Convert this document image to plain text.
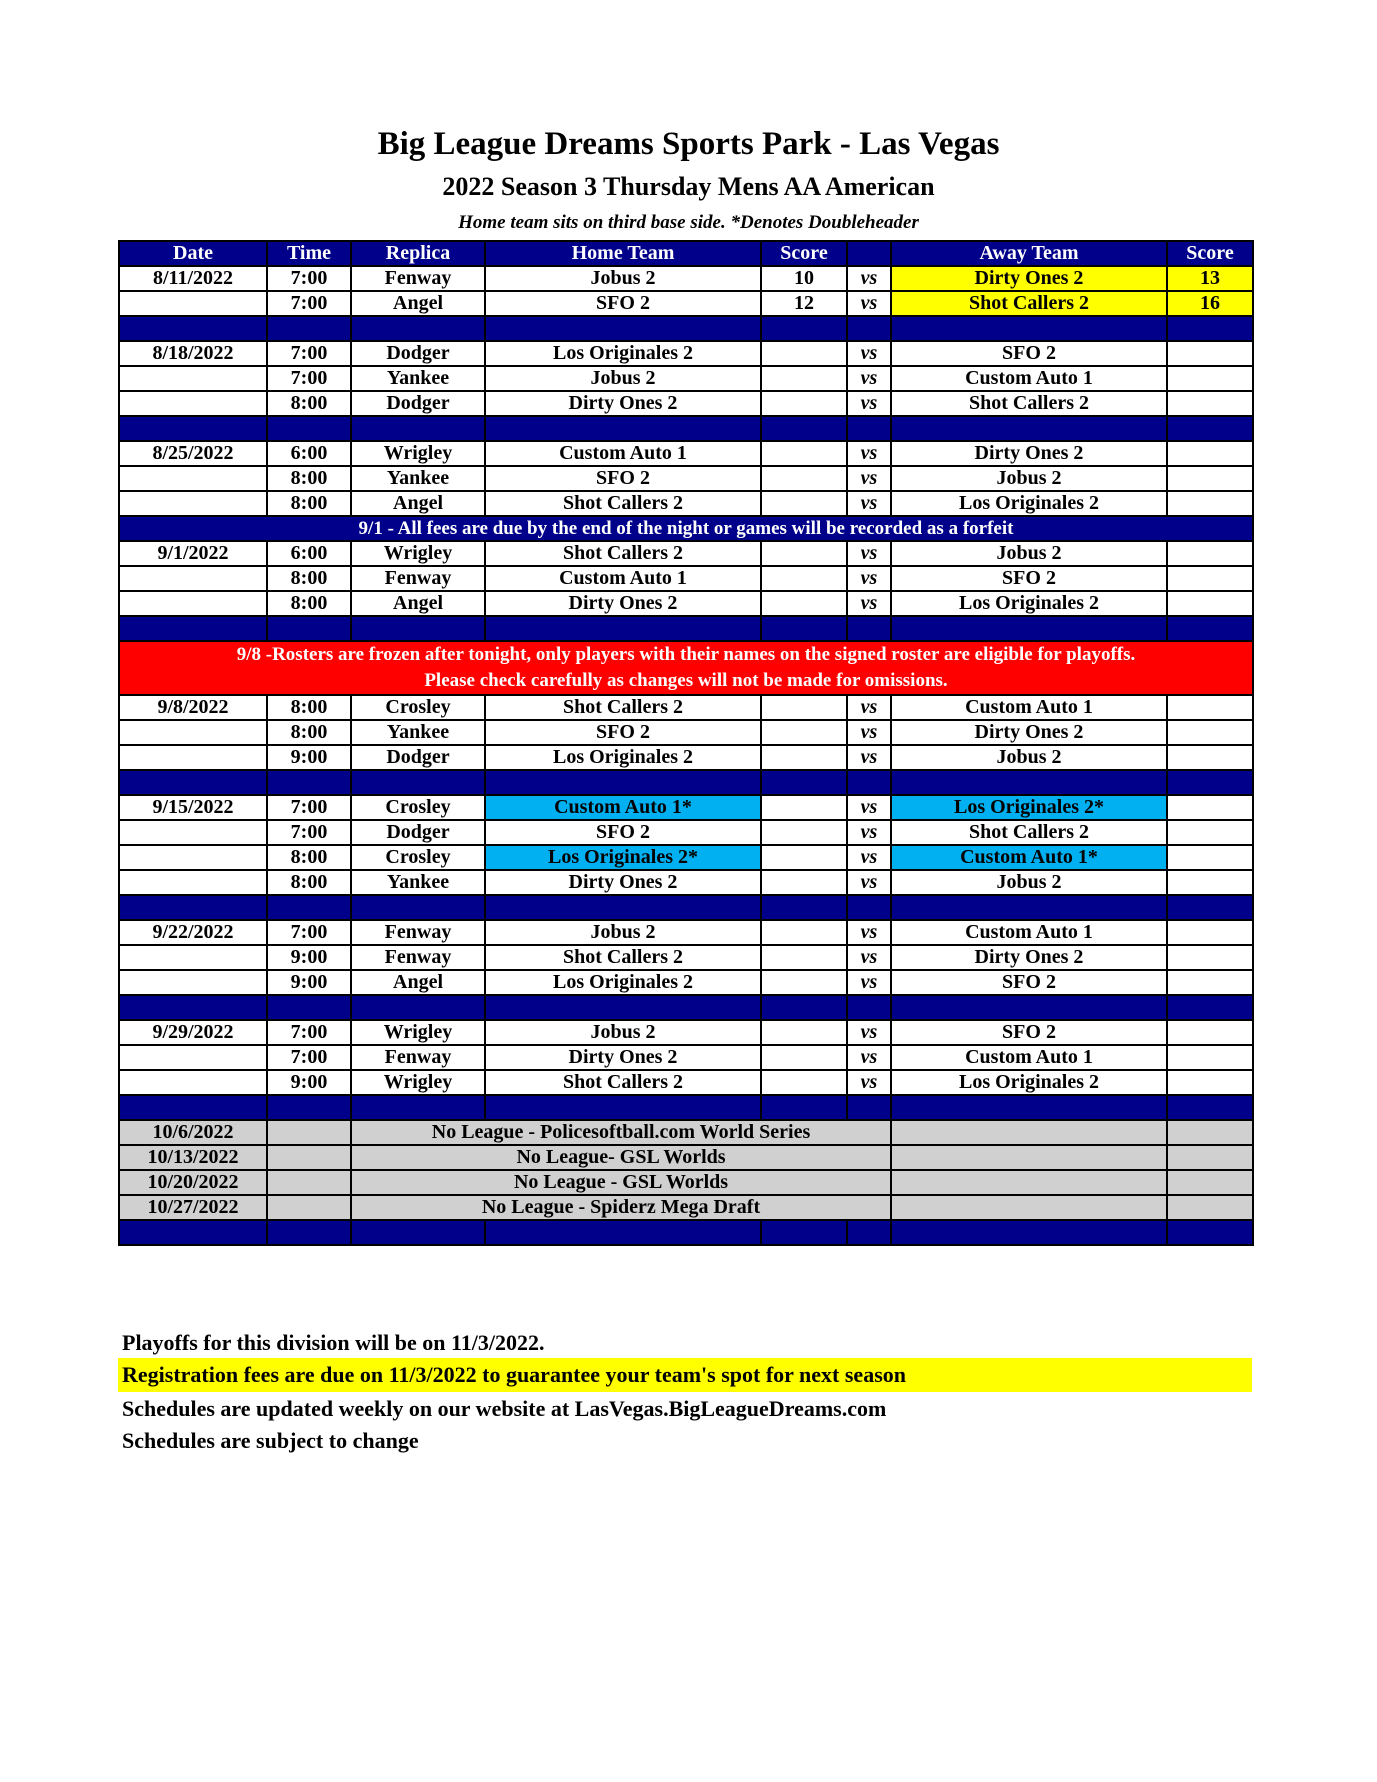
Big League Dreams Sports Park - Las Vegas
2022 Season 3 Thursday Mens AA American
Home team sits on third base side. *Denotes Doubleheader
Date	Time	Replica	Home Team	Score		Away Team	Score
8/11/2022	7:00	Fenway	Jobus 2	10	vs	Dirty Ones 2	13
	7:00	Angel	SFO 2	12	vs	Shot Callers 2	16

8/18/2022	7:00	Dodger	Los Originales 2		vs	SFO 2	
	7:00	Yankee	Jobus 2		vs	Custom Auto 1	
	8:00	Dodger	Dirty Ones 2		vs	Shot Callers 2	

8/25/2022	6:00	Wrigley	Custom Auto 1		vs	Dirty Ones 2	
	8:00	Yankee	SFO 2		vs	Jobus 2	
	8:00	Angel	Shot Callers 2		vs	Los Originales 2	
9/1 - All fees are due by the end of the night or games will be recorded as a forfeit							
9/1/2022	6:00	Wrigley	Shot Callers 2		vs	Jobus 2	
	8:00	Fenway	Custom Auto 1		vs	SFO 2	
	8:00	Angel	Dirty Ones 2		vs	Los Originales 2	

9/8 -Rosters are frozen after tonight, only players with their names on the signed roster are eligible for playoffs.
Please check carefully as changes will not be made for omissions.							

9/8/2022	8:00	Crosley	Shot Callers 2		vs	Custom Auto 1	
	8:00	Yankee	SFO 2		vs	Dirty Ones 2	
	9:00	Dodger	Los Originales 2		vs	Jobus 2	

9/15/2022	7:00	Crosley	Custom Auto 1*		vs	Los Originales 2*	
	7:00	Dodger	SFO 2		vs	Shot Callers 2	
	8:00	Crosley	Los Originales 2*		vs	Custom Auto 1*	
	8:00	Yankee	Dirty Ones 2		vs	Jobus 2	

9/22/2022	7:00	Fenway	Jobus 2		vs	Custom Auto 1	
	9:00	Fenway	Shot Callers 2		vs	Dirty Ones 2	
	9:00	Angel	Los Originales 2		vs	SFO 2	

9/29/2022	7:00	Wrigley	Jobus 2		vs	SFO 2	
	7:00	Fenway	Dirty Ones 2		vs	Custom Auto 1	
	9:00	Wrigley	Shot Callers 2		vs	Los Originales 2	

10/6/2022		No League - Policesoftball.com World Series					
10/13/2022		No League- GSL Worlds					
10/20/2022		No League - GSL Worlds					
10/27/2022		No League - Spiderz Mega Draft					

Playoffs for this division will be on 11/3/2022.
Registration fees are due on 11/3/2022 to guarantee your team's spot for next season
Schedules are updated weekly on our website at LasVegas.BigLeagueDreams.com
Schedules are subject to change
